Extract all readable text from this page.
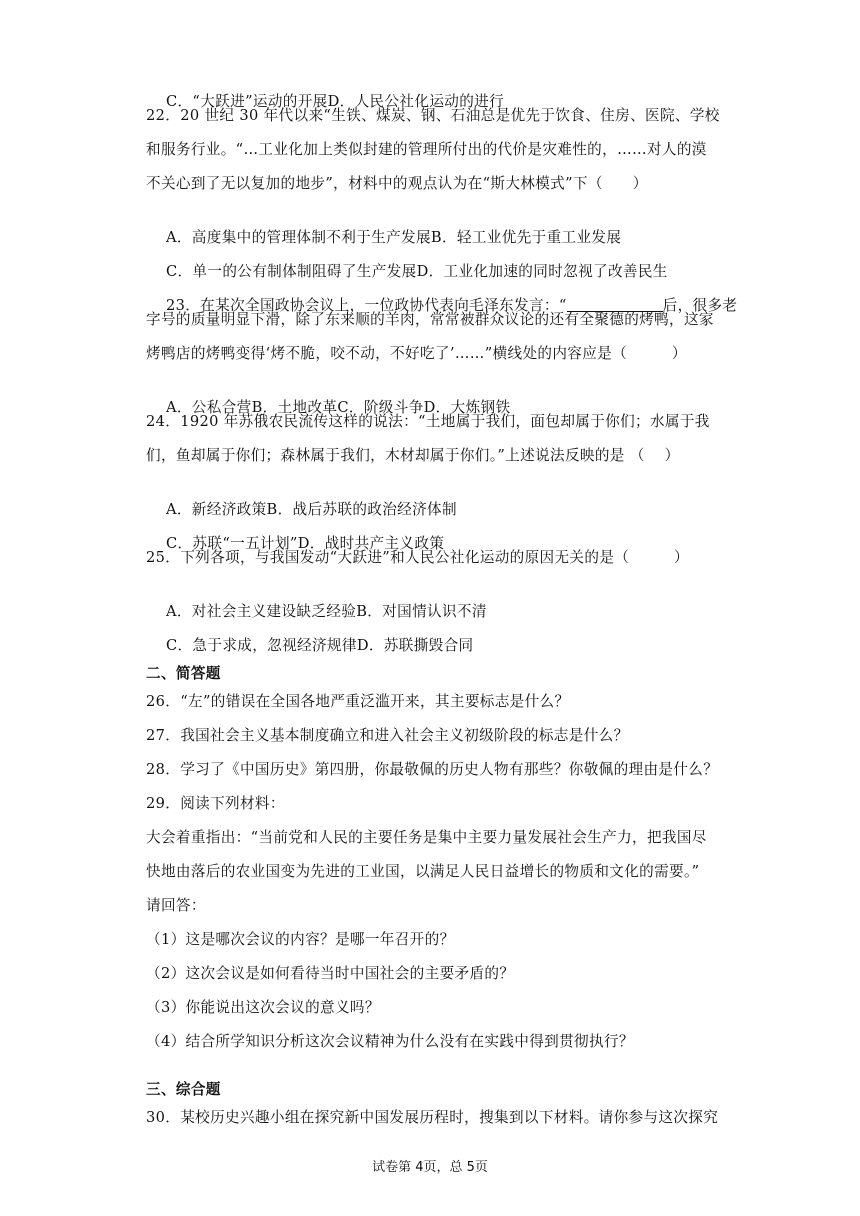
C．“大跃进”运动的开展D．人民公社化运动的进行

22．20 世纪 30 年代以来“生铁、煤炭、钢、石油总是优先于饮食、住房、医院、学校
和服务行业。“…工业化加上类似封建的管理所付出的代价是灾难性的，……对人的漠
不关心到了无以复加的地步”，材料中的观点认为在“斯大林模式”下（　　）

A．高度集中的管理体制不利于生产发展B．轻工业优先于重工业发展

C．单一的公有制体制阻碍了生产发展D．工业化加速的同时忽视了改善民生

23．在某次全国政协会议上，一位政协代表向毛泽东发言：“	后，很多老

字号的质量明显下滑，除了东来顺的羊肉，常常被群众议论的还有全聚德的烤鸭，这家
烤鸭店的烤鸭变得‘烤不脆，咬不动，不好吃了’……”横线处的内容应是（　　　）

A．公私合营B．土地改革C．阶级斗争D．大炼钢铁

24．1920 年苏俄农民流传这样的说法：“土地属于我们，面包却属于你们；水属于我
们，鱼却属于你们；森林属于我们，木材却属于你们。”上述说法反映的是 （　 ）

A．新经济政策B．战后苏联的政治经济体制

C．苏联“一五计划”D．战时共产主义政策

25．下列各项，与我国发动“大跃进”和人民公社化运动的原因无关的是（　　　）

A．对社会主义建设缺乏经验B．对国情认识不清

C．急于求成，忽视经济规律D．苏联撕毁合同

二、简答题
26．“左”的错误在全国各地严重泛滥开来，其主要标志是什么？
27．我国社会主义基本制度确立和进入社会主义初级阶段的标志是什么？
28．学习了《中国历史》第四册，你最敬佩的历史人物有那些？你敬佩的理由是什么？
29．阅读下列材料：
大会着重指出：“当前党和人民的主要任务是集中主要力量发展社会生产力，把我国尽
快地由落后的农业国变为先进的工业国，以满足人民日益增长的物质和文化的需要。”
请回答：
（1）这是哪次会议的内容？是哪一年召开的？
（2）这次会议是如何看待当时中国社会的主要矛盾的？
（3）你能说出这次会议的意义吗？
（4）结合所学知识分析这次会议精神为什么没有在实践中得到贯彻执行？
三、综合题
30．某校历史兴趣小组在探究新中国发展历程时，搜集到以下材料。请你参与这次探究
试卷第 4页，总 5页
